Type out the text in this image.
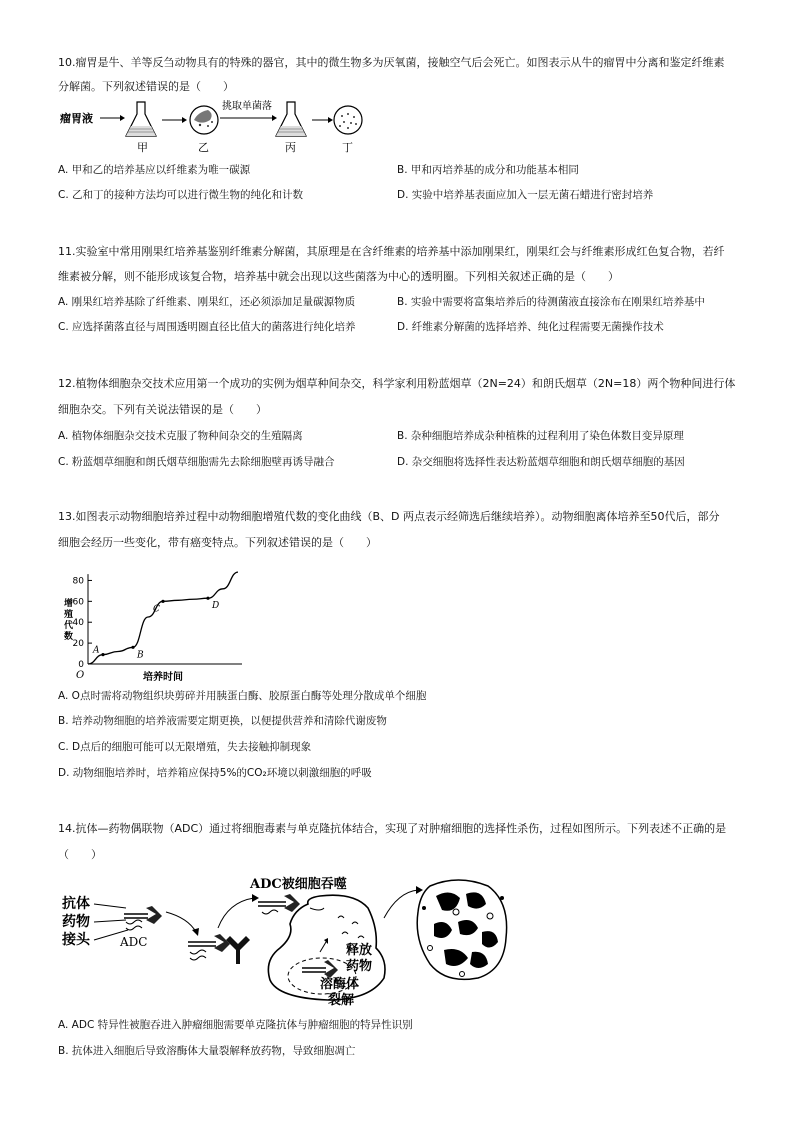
10.瘤胃是牛、羊等反刍动物具有的特殊的器官，其中的微生物多为厌氧菌，接触空气后会死亡。如图表示从牛的瘤胃中分离和鉴定纤维素
分解菌。下列叙述错误的是（　　）
瘤胃液
挑取单菌落
甲	乙	丙	丁
A. 甲和乙的培养基应以纤维素为唯一碳源	B. 甲和丙培养基的成分和功能基本相同
C. 乙和丁的接种方法均可以进行微生物的纯化和计数	D. 实验中培养基表面应加入一层无菌石蜡进行密封培养
11.实验室中常用刚果红培养基鉴别纤维素分解菌，其原理是在含纤维素的培养基中添加刚果红，刚果红会与纤维素形成红色复合物，若纤
维素被分解，则不能形成该复合物，培养基中就会出现以这些菌落为中心的透明圈。下列相关叙述正确的是（　　）
A. 刚果红培养基除了纤维素、刚果红，还必须添加足量碳源物质	B. 实验中需要将富集培养后的待测菌液直接涂布在刚果红培养基中
C. 应选择菌落直径与周围透明圈直径比值大的菌落进行纯化培养	D. 纤维素分解菌的选择培养、纯化过程需要无菌操作技术
12.植物体细胞杂交技术应用第一个成功的实例为烟草种间杂交，科学家利用粉蓝烟草（2N=24）和朗氏烟草（2N=18）两个物种间进行体
细胞杂交。下列有关说法错误的是（　　）
A. 植物体细胞杂交技术克服了物种间杂交的生殖隔离	B. 杂种细胞培养成杂种植株的过程利用了染色体数目变异原理
C. 粉蓝烟草细胞和朗氏烟草细胞需先去除细胞壁再诱导融合	D. 杂交细胞将选择性表达粉蓝烟草细胞和朗氏烟草细胞的基因
13.如图表示动物细胞培养过程中动物细胞增殖代数的变化曲线（B、D 两点表示经筛选后继续培养）。动物细胞离体培养至50代后，部分
细胞会经历一些变化，带有癌变特点。下列叙述错误的是（　　）
0
20
40
60
80
增
殖
代
数
培养时间
O
A	B
C	D
A. O点时需将动物组织块剪碎并用胰蛋白酶、胶原蛋白酶等处理分散成单个细胞
B. 培养动物细胞的培养液需要定期更换，以便提供营养和清除代谢废物
C. D点后的细胞可能可以无限增殖，失去接触抑制现象
D. 动物细胞培养时，培养箱应保持5%的CO₂环境以刺激细胞的呼吸
14.抗体—药物偶联物（ADC）通过将细胞毒素与单克隆抗体结合，实现了对肿瘤细胞的选择性杀伤，过程如图所示。下列表述不正确的是
（　　）
抗体
药物
接头	ADC
ADC被细胞吞噬
释放
药物
溶酶体
裂解
A. ADC 特异性被胞吞进入肿瘤细胞需要单克隆抗体与肿瘤细胞的特异性识别
B. 抗体进入细胞后导致溶酶体大量裂解释放药物，导致细胞凋亡
